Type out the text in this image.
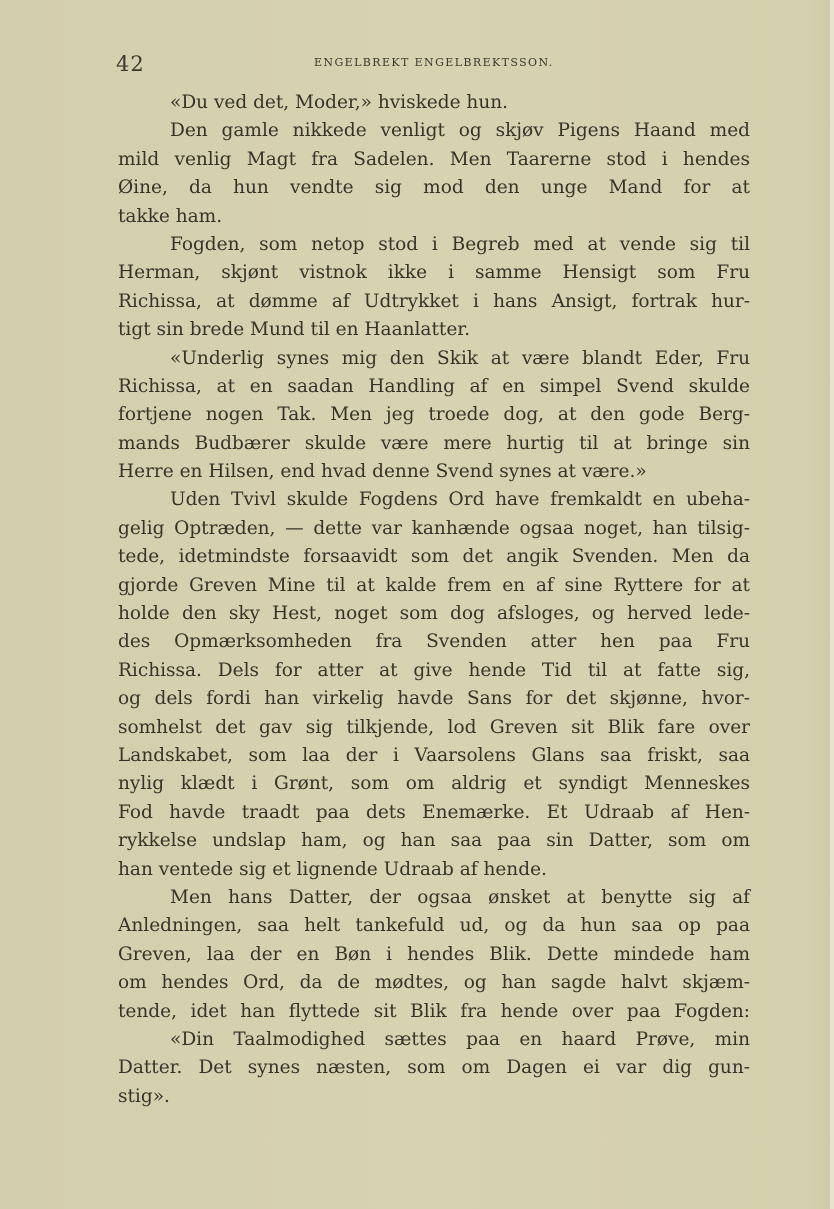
42	ENGELBREKT ENGELBREKTSSON.
«Du ved det, Moder,» hviskede hun.
Den gamle nikkede venligt og skjøv Pigens Haand med
mild venlig Magt fra Sadelen. Men Taarerne stod i hendes
Øine, da hun vendte sig mod den unge Mand for at
takke ham.
Fogden, som netop stod i Begreb med at vende sig til
Herman, skjønt vistnok ikke i samme Hensigt som Fru
Richissa, at dømme af Udtrykket i hans Ansigt, fortrak hur-
tigt sin brede Mund til en Haanlatter.
«Underlig synes mig den Skik at være blandt Eder, Fru
Richissa, at en saadan Handling af en simpel Svend skulde
fortjene nogen Tak. Men jeg troede dog, at den gode Berg-
mands Budbærer skulde være mere hurtig til at bringe sin
Herre en Hilsen, end hvad denne Svend synes at være.»
Uden Tvivl skulde Fogdens Ord have fremkaldt en ubeha-
gelig Optræden, — dette var kanhænde ogsaa noget, han tilsig-
tede, idetmindste forsaavidt som det angik Svenden. Men da
gjorde Greven Mine til at kalde frem en af sine Ryttere for at
holde den sky Hest, noget som dog afsloges, og herved lede-
des Opmærksomheden fra Svenden atter hen paa Fru
Richissa. Dels for atter at give hende Tid til at fatte sig,
og dels fordi han virkelig havde Sans for det skjønne, hvor-
somhelst det gav sig tilkjende, lod Greven sit Blik fare over
Landskabet, som laa der i Vaarsolens Glans saa friskt, saa
nylig klædt i Grønt, som om aldrig et syndigt Menneskes
Fod havde traadt paa dets Enemærke. Et Udraab af Hen-
rykkelse undslap ham, og han saa paa sin Datter, som om
han ventede sig et lignende Udraab af hende.
Men hans Datter, der ogsaa ønsket at benytte sig af
Anledningen, saa helt tankefuld ud, og da hun saa op paa
Greven, laa der en Bøn i hendes Blik. Dette mindede ham
om hendes Ord, da de mødtes, og han sagde halvt skjæm-
tende, idet han flyttede sit Blik fra hende over paa Fogden:
«Din Taalmodighed sættes paa en haard Prøve, min
Datter. Det synes næsten, som om Dagen ei var dig gun-
stig».
